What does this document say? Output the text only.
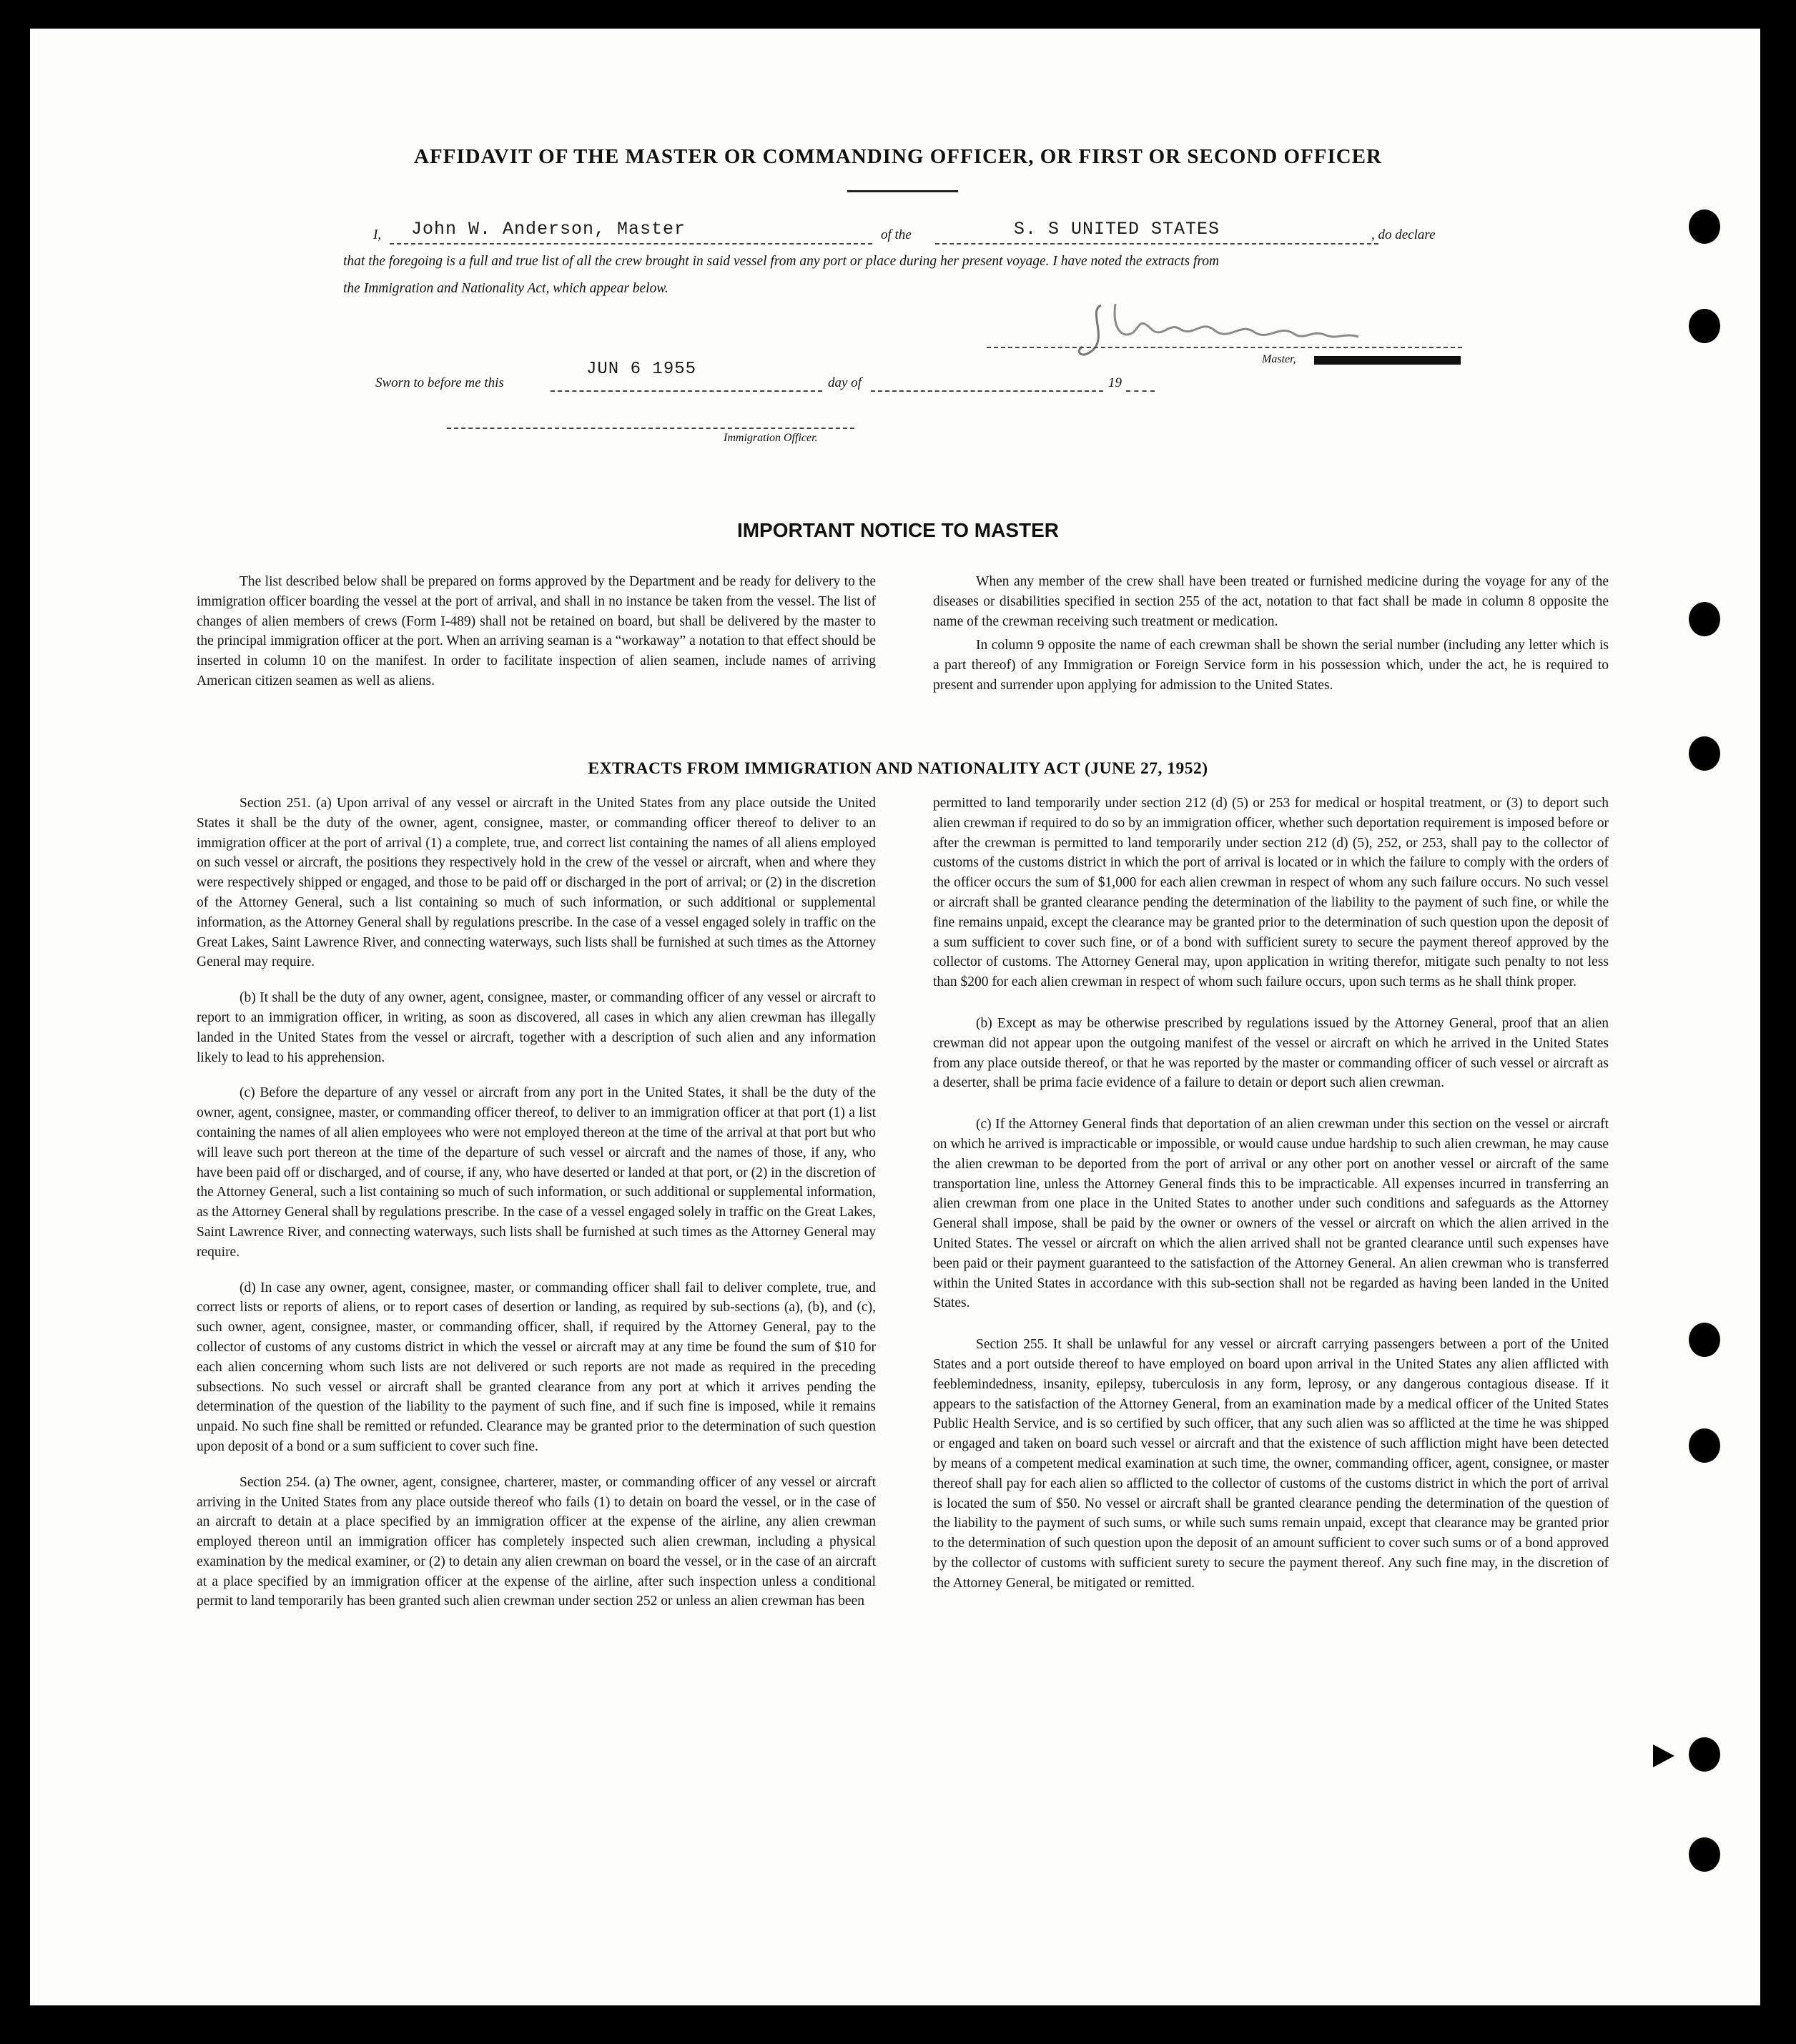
AFFIDAVIT OF THE MASTER OR COMMANDING OFFICER, OR FIRST OR SECOND OFFICER
I, John W. Anderson, Master	of the	S. S UNITED STATES	, do declare
that the foregoing is a full and true list of all the crew brought in said vessel from any port or place during her present voyage. I have noted the extracts from
the Immigration and Nationality Act, which appear below.
Master,
Sworn to before me this
JUN 6 1955
day of	19
Immigration Officer.
IMPORTANT NOTICE TO MASTER

The list described below shall be prepared on forms approved by the Department and be ready for delivery to the immigration officer boarding the vessel at the port of arrival, and shall in no instance be taken from the vessel. The list of changes of alien members of crews (Form I-489) shall not be retained on board, but shall be delivered by the master to the principal immigration officer at the port. When an arriving seaman is a “workaway” a notation to that effect should be inserted in column 10 on the manifest. In order to facilitate inspection of alien seamen, include names of arriving American citizen seamen as well as aliens.

When any member of the crew shall have been treated or furnished medicine during the voyage for any of the diseases or disabilities specified in section 255 of the act, notation to that fact shall be made in column 8 opposite the name of the crewman receiving such treatment or medication.

In column 9 opposite the name of each crewman shall be shown the serial number (including any letter which is a part thereof) of any Immigration or Foreign Service form in his possession which, under the act, he is required to present and surrender upon applying for admission to the United States.

EXTRACTS FROM IMMIGRATION AND NATIONALITY ACT (JUNE 27, 1952)

Section 251. (a) Upon arrival of any vessel or aircraft in the United States from any place outside the United States it shall be the duty of the owner, agent, consignee, master, or commanding officer thereof to deliver to an immigration officer at the port of arrival (1) a complete, true, and correct list containing the names of all aliens employed on such vessel or aircraft, the positions they respectively hold in the crew of the vessel or aircraft, when and where they were respectively shipped or engaged, and those to be paid off or discharged in the port of arrival; or (2) in the discretion of the Attorney General, such a list containing so much of such information, or such additional or supplemental information, as the Attorney General shall by regulations prescribe. In the case of a vessel engaged solely in traffic on the Great Lakes, Saint Lawrence River, and connecting waterways, such lists shall be furnished at such times as the Attorney General may require.

(b) It shall be the duty of any owner, agent, consignee, master, or commanding officer of any vessel or aircraft to report to an immigration officer, in writing, as soon as discovered, all cases in which any alien crewman has illegally landed in the United States from the vessel or aircraft, together with a description of such alien and any information likely to lead to his apprehension.

(c) Before the departure of any vessel or aircraft from any port in the United States, it shall be the duty of the owner, agent, consignee, master, or commanding officer thereof, to deliver to an immigration officer at that port (1) a list containing the names of all alien employees who were not employed thereon at the time of the arrival at that port but who will leave such port thereon at the time of the departure of such vessel or aircraft and the names of those, if any, who have been paid off or discharged, and of course, if any, who have deserted or landed at that port, or (2) in the discretion of the Attorney General, such a list containing so much of such information, or such additional or supplemental information, as the Attorney General shall by regulations prescribe. In the case of a vessel engaged solely in traffic on the Great Lakes, Saint Lawrence River, and connecting waterways, such lists shall be furnished at such times as the Attorney General may require.

(d) In case any owner, agent, consignee, master, or commanding officer shall fail to deliver complete, true, and correct lists or reports of aliens, or to report cases of desertion or landing, as required by sub-sections (a), (b), and (c), such owner, agent, consignee, master, or commanding officer, shall, if required by the Attorney General, pay to the collector of customs of any customs district in which the vessel or aircraft may at any time be found the sum of $10 for each alien concerning whom such lists are not delivered or such reports are not made as required in the preceding subsections. No such vessel or aircraft shall be granted clearance from any port at which it arrives pending the determination of the question of the liability to the payment of such fine, and if such fine is imposed, while it remains unpaid. No such fine shall be remitted or refunded. Clearance may be granted prior to the determination of such question upon deposit of a bond or a sum sufficient to cover such fine.

Section 254. (a) The owner, agent, consignee, charterer, master, or commanding officer of any vessel or aircraft arriving in the United States from any place outside thereof who fails (1) to detain on board the vessel, or in the case of an aircraft to detain at a place specified by an immigration officer at the expense of the airline, any alien crewman employed thereon until an immigration officer has completely inspected such alien crewman, including a physical examination by the medical examiner, or (2) to detain any alien crewman on board the vessel, or in the case of an aircraft at a place specified by an immigration officer at the expense of the airline, after such inspection unless a conditional permit to land temporarily has been granted such alien crewman under section 252 or unless an alien crewman has been

permitted to land temporarily under section 212 (d) (5) or 253 for medical or hospital treatment, or (3) to deport such alien crewman if required to do so by an immigration officer, whether such deportation requirement is imposed before or after the crewman is permitted to land temporarily under section 212 (d) (5), 252, or 253, shall pay to the collector of customs of the customs district in which the port of arrival is located or in which the failure to comply with the orders of the officer occurs the sum of $1,000 for each alien crewman in respect of whom any such failure occurs. No such vessel or aircraft shall be granted clearance pending the determination of the liability to the payment of such fine, or while the fine remains unpaid, except the clearance may be granted prior to the determination of such question upon the deposit of a sum sufficient to cover such fine, or of a bond with sufficient surety to secure the payment thereof approved by the collector of customs. The Attorney General may, upon application in writing therefor, mitigate such penalty to not less than $200 for each alien crewman in respect of whom such failure occurs, upon such terms as he shall think proper.

(b) Except as may be otherwise prescribed by regulations issued by the Attorney General, proof that an alien crewman did not appear upon the outgoing manifest of the vessel or aircraft on which he arrived in the United States from any place outside thereof, or that he was reported by the master or commanding officer of such vessel or aircraft as a deserter, shall be prima facie evidence of a failure to detain or deport such alien crewman.

(c) If the Attorney General finds that deportation of an alien crewman under this section on the vessel or aircraft on which he arrived is impracticable or impossible, or would cause undue hardship to such alien crewman, he may cause the alien crewman to be deported from the port of arrival or any other port on another vessel or aircraft of the same transportation line, unless the Attorney General finds this to be impracticable. All expenses incurred in transferring an alien crewman from one place in the United States to another under such conditions and safeguards as the Attorney General shall impose, shall be paid by the owner or owners of the vessel or aircraft on which the alien arrived in the United States. The vessel or aircraft on which the alien arrived shall not be granted clearance until such expenses have been paid or their payment guaranteed to the satisfaction of the Attorney General. An alien crewman who is transferred within the United States in accordance with this sub-section shall not be regarded as having been landed in the United States.

Section 255. It shall be unlawful for any vessel or aircraft carrying passengers between a port of the United States and a port outside thereof to have employed on board upon arrival in the United States any alien afflicted with feeblemindedness, insanity, epilepsy, tuberculosis in any form, leprosy, or any dangerous contagious disease. If it appears to the satisfaction of the Attorney General, from an examination made by a medical officer of the United States Public Health Service, and is so certified by such officer, that any such alien was so afflicted at the time he was shipped or engaged and taken on board such vessel or aircraft and that the existence of such affliction might have been detected by means of a competent medical examination at such time, the owner, commanding officer, agent, consignee, or master thereof shall pay for each alien so afflicted to the collector of customs of the customs district in which the port of arrival is located the sum of $50. No vessel or aircraft shall be granted clearance pending the determination of the question of the liability to the payment of such sums, or while such sums remain unpaid, except that clearance may be granted prior to the determination of such question upon the deposit of an amount sufficient to cover such sums or of a bond approved by the collector of customs with sufficient surety to secure the payment thereof. Any such fine may, in the discretion of the Attorney General, be mitigated or remitted.
